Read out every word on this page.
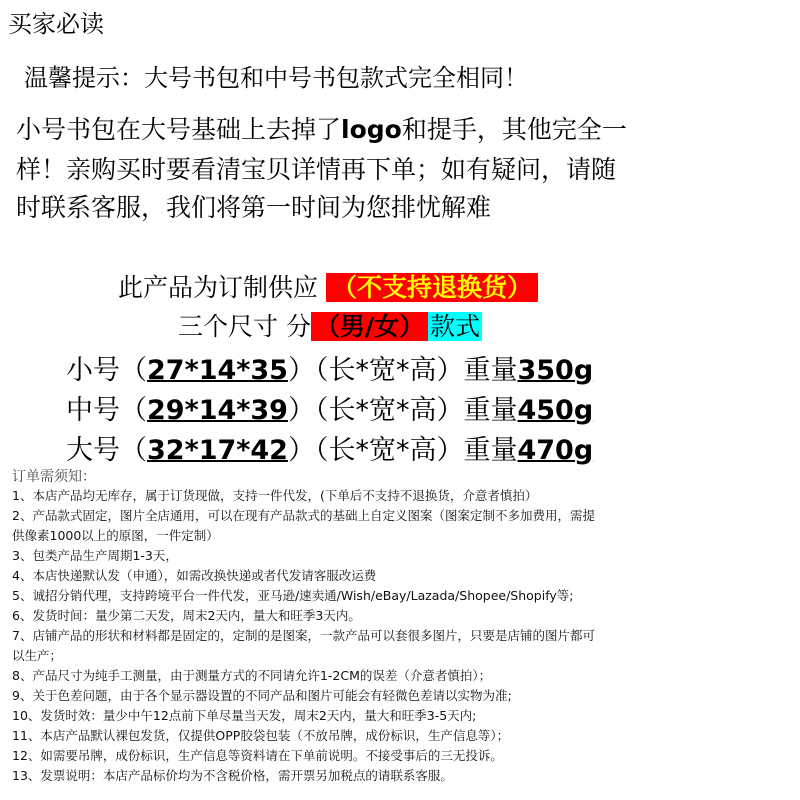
买家必读
温馨提示：大号书包和中号书包款式完全相同！
小号书包在大号基础上去掉了logo和提手，其他完全一
样！亲购买时要看清宝贝详情再下单；如有疑问，请随
时联系客服，我们将第一时间为您排忧解难
此产品为订制供应 （不支持退换货）
三个尺寸 分 （男/女） 款式
小号（27*14*35）（长*宽*高）重量350g
中号（29*14*39）（长*宽*高）重量450g
大号（32*17*42）（长*宽*高）重量470g
订单需须知：
1、本店产品均无库存，属于订货现做，支持一件代发，(下单后不支持不退换货，介意者慎拍）
2、产品款式固定，图片全店通用，可以在现有产品款式的基础上自定义图案（图案定制不多加费用，需提
供像素1000以上的原图，一件定制）
3、包类产品生产周期1-3天，
4、本店快递默认发（申通），如需改换快递或者代发请客服改运费
5、诚招分销代理，支持跨境平台一件代发，亚马逊/速卖通/Wish/eBay/Lazada/Shopee/Shopify等;
6、发货时间：量少第二天发，周末2天内，量大和旺季3天内。
7、店铺产品的形状和材料都是固定的，定制的是图案，一款产品可以套很多图片，只要是店铺的图片都可
以生产；
8、产品尺寸为纯手工测量，由于测量方式的不同请允许1-2CM的误差（介意者慎拍）；
9、关于色差问题，由于各个显示器设置的不同产品和图片可能会有轻微色差请以实物为准;
10、发货时效：量少中午12点前下单尽量当天发，周末2天内，量大和旺季3-5天内;
11、本店产品默认裸包发货，仅提供OPP胶袋包装（不放吊牌，成份标识，生产信息等）；
12、如需要吊牌，成份标识，生产信息等资料请在下单前说明。不接受事后的三无投诉。
13、发票说明：本店产品标价均为不含税价格，需开票另加税点的请联系客服。
